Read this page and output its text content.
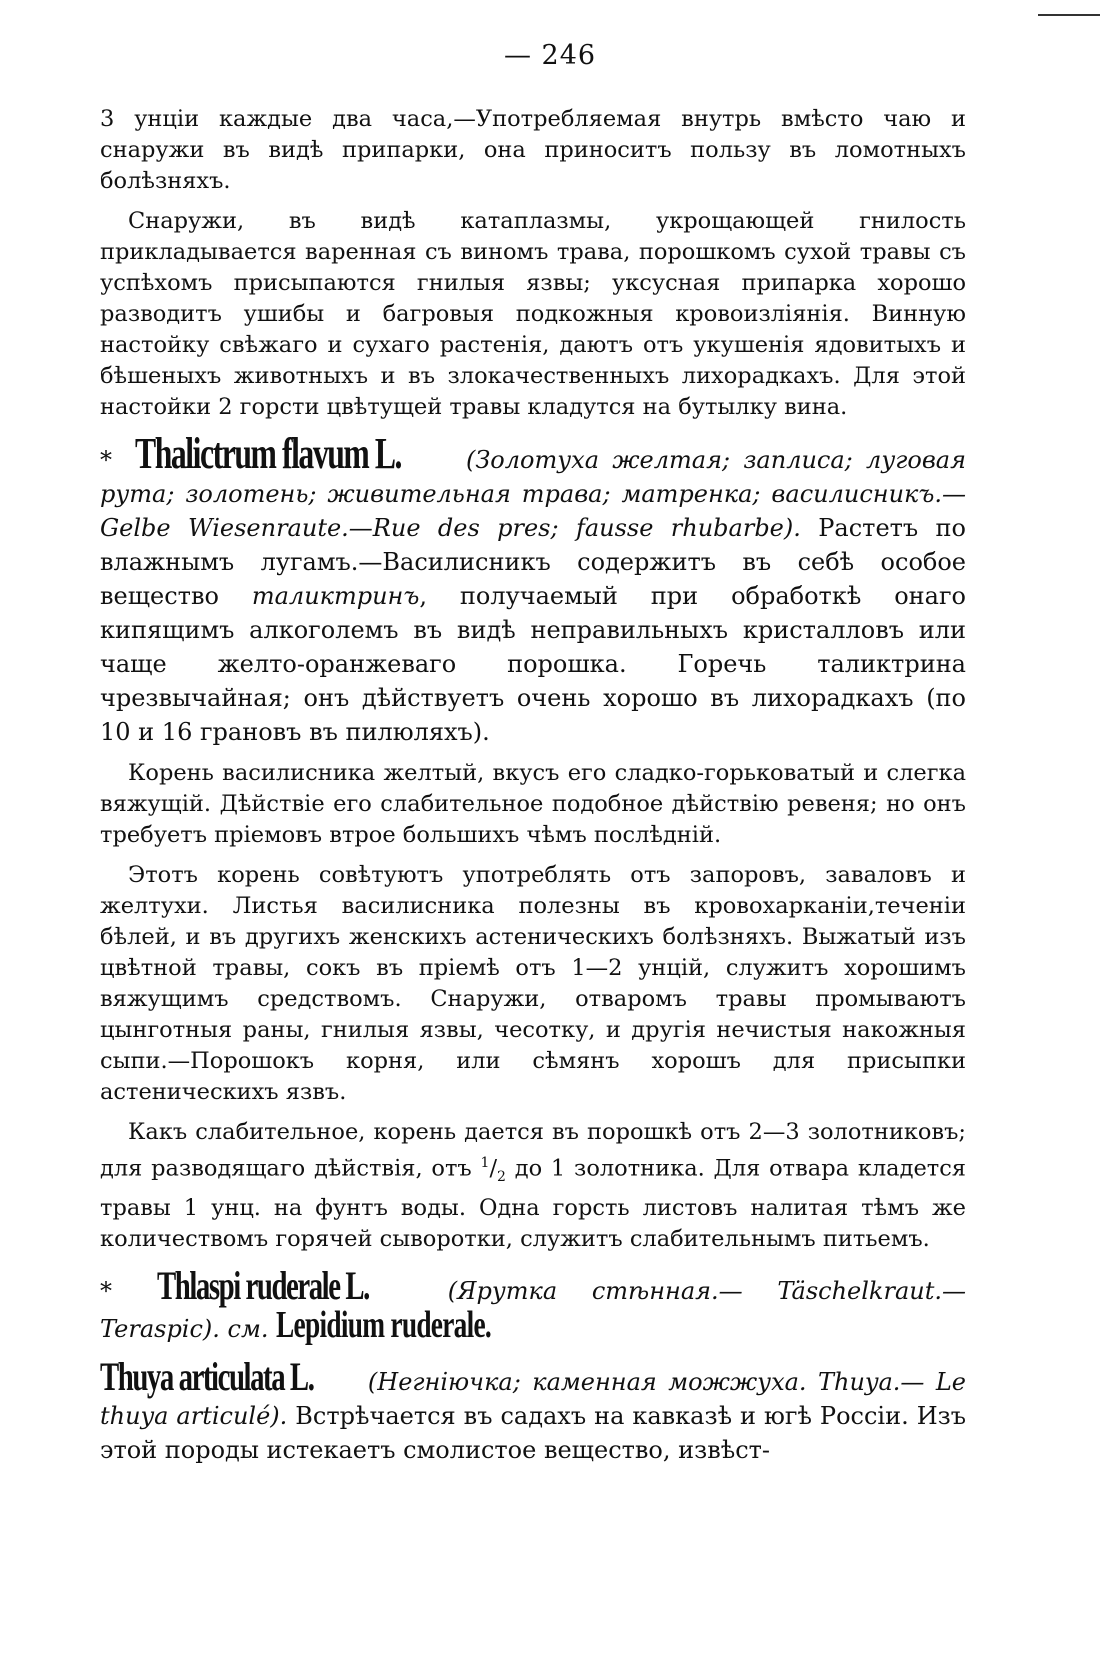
— 246

3 унціи каждые два часа,—Употребляемая внутрь вмѣсто чаю и снаружи въ видѣ припарки, она приноситъ пользу въ ломотныхъ болѣзняхъ.

Снаружи, въ видѣ катаплазмы, укрощающей гнилость прикладывается варенная съ виномъ трава, порошкомъ сухой травы съ успѣхомъ присыпаются гнилыя язвы; уксусная припарка хорошо разводитъ ушибы и багровыя подкожныя кровоизліянія. Винную настойку свѣжаго и сухаго растенія, даютъ отъ укушенія ядовитыхъ и бѣшеныхъ животныхъ и въ злокачественныхъ лихорадкахъ. Для этой настойки 2 горсти цвѣтущей травы кладутся на бутылку вина.

* Thalictrum flavum L.	(Золотуха желтая; заплиса; луговая рута; золотень; живительная трава; матренка; василисникъ.—Gelbe Wiesenraute.—Rue des pres; fausse rhubarbe). Растетъ по влажнымъ лугамъ.—Василисникъ содержитъ въ себѣ особое вещество таликтринъ, получаемый при обработкѣ онаго кипящимъ алкоголемъ въ видѣ неправильныхъ кристалловъ или чаще желто-оранжеваго порошка. Горечь таликтрина чрезвычайная; онъ дѣйствуетъ очень хорошо въ лихорадкахъ (по 10 и 16 грановъ въ пилюляхъ).

Корень василисника желтый, вкусъ его сладко-горьковатый и слегка вяжущій. Дѣйствіе его слабительное подобное дѣйствію ревеня; но онъ требуетъ пріемовъ втрое большихъ чѣмъ послѣдній.

Этотъ корень совѣтуютъ употреблять отъ запоровъ, заваловъ и желтухи. Листья василисника полезны въ кровохарканіи,теченіи бѣлей, и въ другихъ женскихъ астеническихъ болѣзняхъ. Выжатый изъ цвѣтной травы, сокъ въ пріемѣ отъ 1—2 унцій, служитъ хорошимъ вяжущимъ средствомъ. Снаружи, отваромъ травы промываютъ цынготныя раны, гнилыя язвы, чесотку, и другія нечистыя накожныя сыпи.—Порошокъ корня, или сѣмянъ хорошъ для присыпки астеническихъ язвъ.

Какъ слабительное, корень дается въ порошкѣ отъ 2—3 золотниковъ; для разводящаго дѣйствія, отъ $^1/_2$ до 1 золотника. Для отвара кладется травы 1 унц. на фунтъ воды. Одна горсть листовъ налитая тѣмъ же количествомъ горячей сыворотки, служитъ слабительнымъ питьемъ.

* Thlaspi ruderale L.	(Ярутка стѣнная.— Täschelkraut.— Teraspic). см. Lepidium ruderale.

Thuya articulata L. (Негніючка; каменная можжуха. Thuya.— Le thuya articulé). Встрѣчается въ садахъ на кавказѣ и югѣ Россіи. Изъ этой породы истекаетъ смолистое вещество, извѣст-
